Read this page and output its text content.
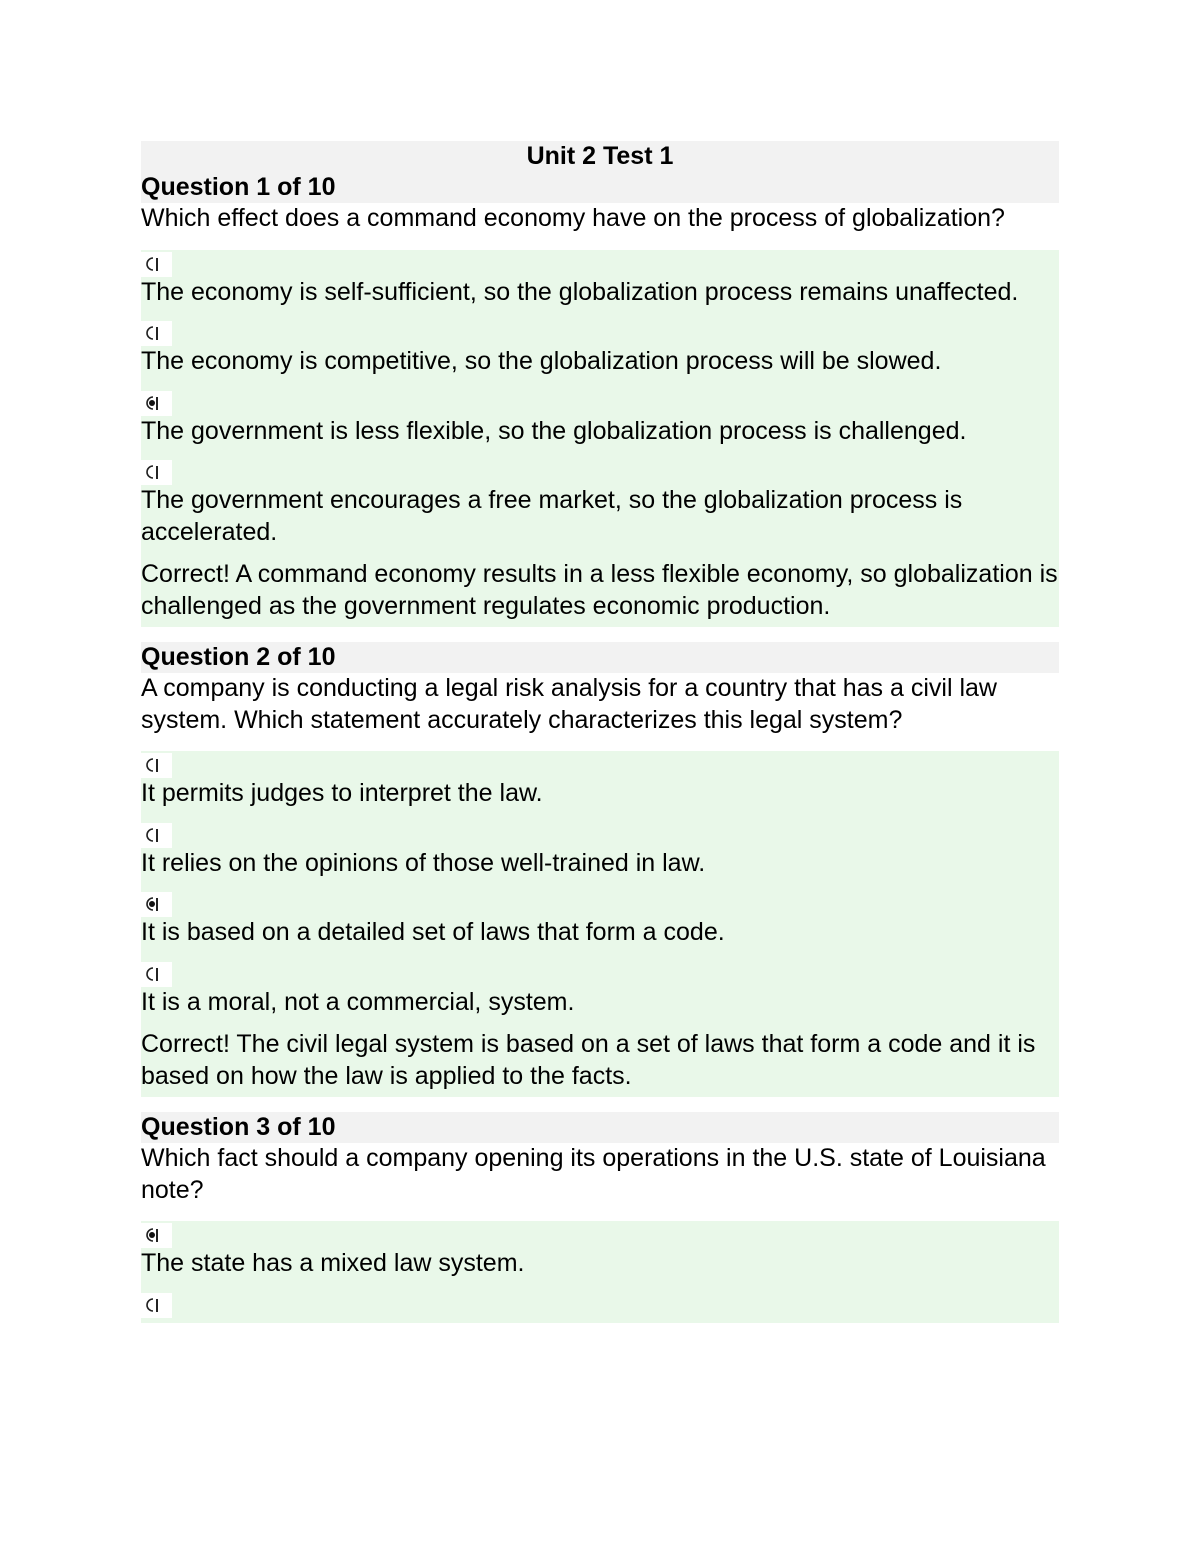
Unit 2 Test 1
Question 1 of 10
Which effect does a command economy have on the process of globalization?
The economy is self-sufficient, so the globalization process remains unaffected.
The economy is competitive, so the globalization process will be slowed.
The government is less flexible, so the globalization process is challenged.
The government encourages a free market, so the globalization process is accelerated.
Correct! A command economy results in a less flexible economy, so globalization is challenged as the government regulates economic production.
Question 2 of 10
A company is conducting a legal risk analysis for a country that has a civil law system. Which statement accurately characterizes this legal system?
It permits judges to interpret the law.
It relies on the opinions of those well-trained in law.
It is based on a detailed set of laws that form a code.
It is a moral, not a commercial, system.
Correct! The civil legal system is based on a set of laws that form a code and it is based on how the law is applied to the facts.
Question 3 of 10
Which fact should a company opening its operations in the U.S. state of Louisiana note?
The state has a mixed law system.
